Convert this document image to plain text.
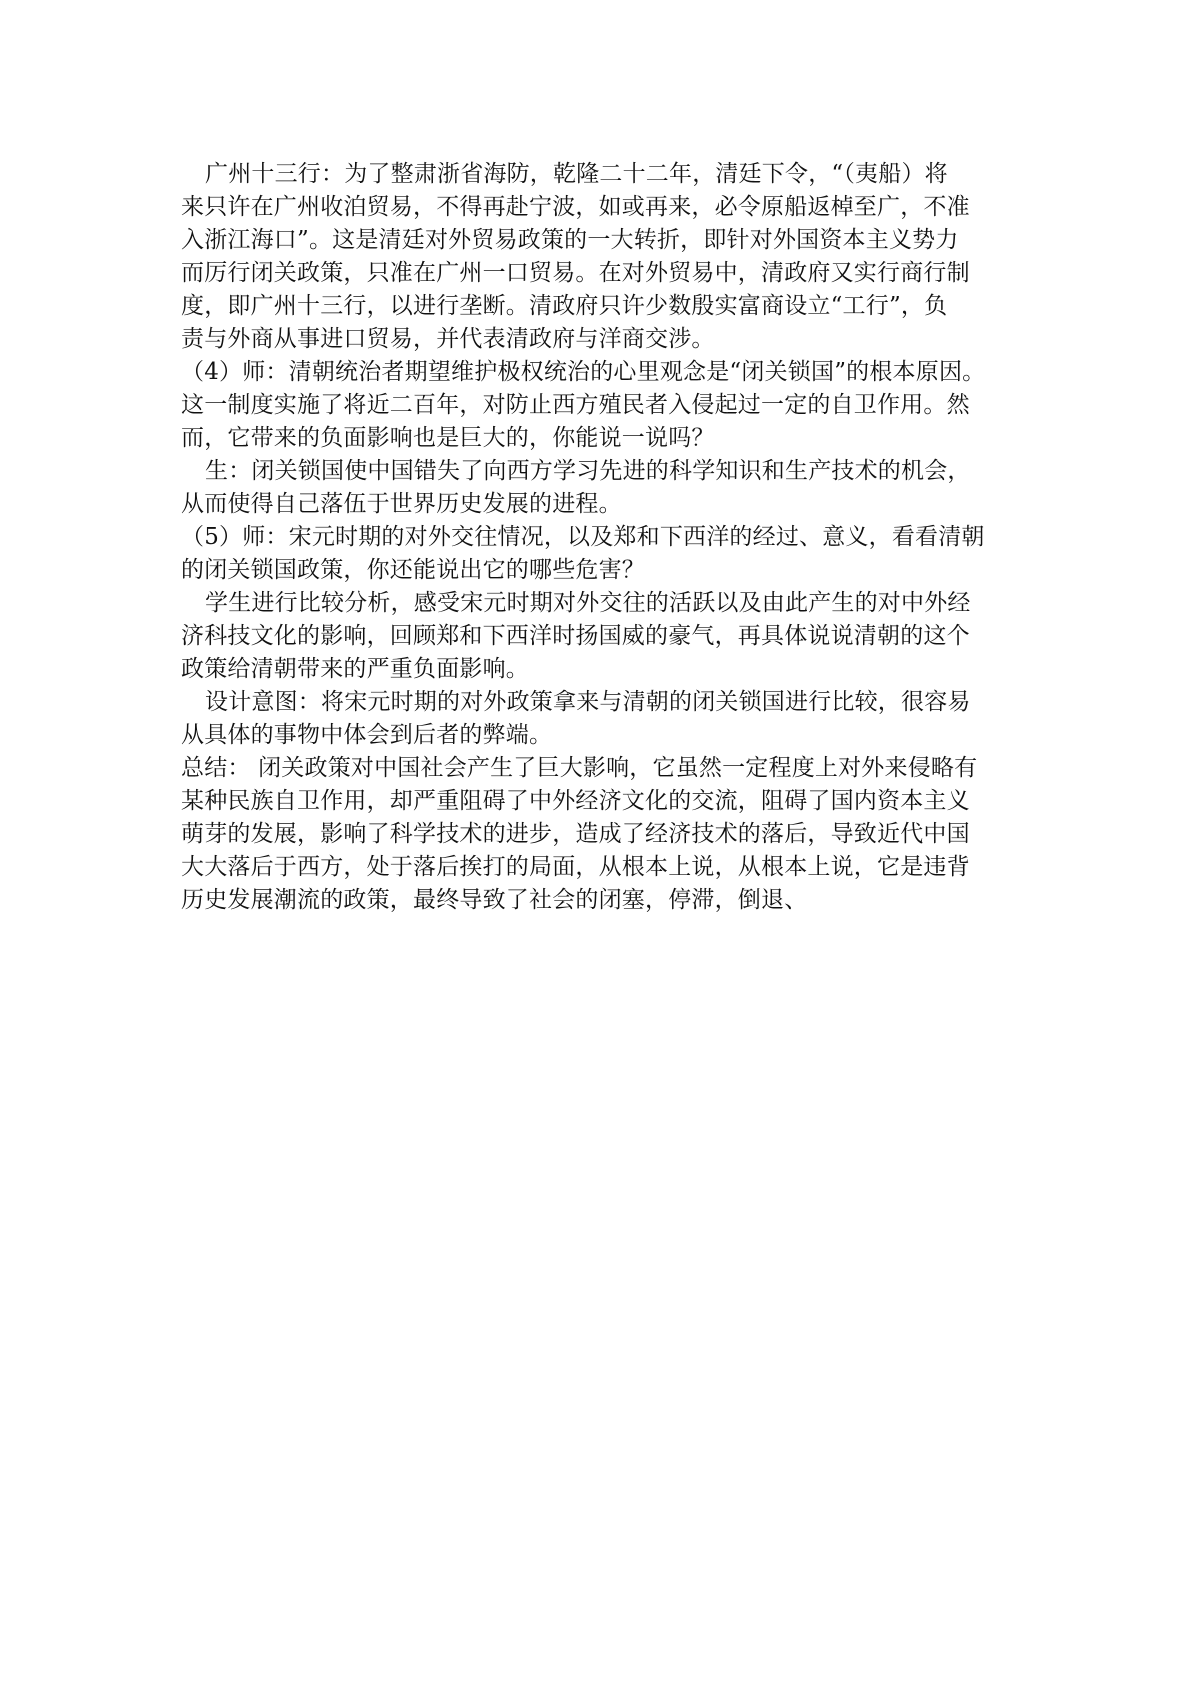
广州十三行：为了整肃浙省海防，乾隆二十二年，清廷下令，“（夷船）将
来只许在广州收泊贸易，不得再赴宁波，如或再来，必令原船返棹至广，不准
入浙江海口”。这是清廷对外贸易政策的一大转折，即针对外国资本主义势力
而厉行闭关政策，只准在广州一口贸易。在对外贸易中，清政府又实行商行制
度，即广州十三行，以进行垄断。清政府只许少数殷实富商设立“工行”，负
责与外商从事进口贸易，并代表清政府与洋商交涉。
（4）师：清朝统治者期望维护极权统治的心里观念是“闭关锁国”的根本原因。
这一制度实施了将近二百年，对防止西方殖民者入侵起过一定的自卫作用。然
而，它带来的负面影响也是巨大的，你能说一说吗？
生：闭关锁国使中国错失了向西方学习先进的科学知识和生产技术的机会，
从而使得自己落伍于世界历史发展的进程。
（5）师：宋元时期的对外交往情况，以及郑和下西洋的经过、意义，看看清朝
的闭关锁国政策，你还能说出它的哪些危害？
学生进行比较分析，感受宋元时期对外交往的活跃以及由此产生的对中外经
济科技文化的影响，回顾郑和下西洋时扬国威的豪气，再具体说说清朝的这个
政策给清朝带来的严重负面影响。
设计意图：将宋元时期的对外政策拿来与清朝的闭关锁国进行比较，很容易
从具体的事物中体会到后者的弊端。
总结： 闭关政策对中国社会产生了巨大影响，它虽然一定程度上对外来侵略有
某种民族自卫作用，却严重阻碍了中外经济文化的交流，阻碍了国内资本主义
萌芽的发展，影响了科学技术的进步，造成了经济技术的落后，导致近代中国
大大落后于西方，处于落后挨打的局面，从根本上说，从根本上说，它是违背
历史发展潮流的政策，最终导致了社会的闭塞，停滞，倒退、
